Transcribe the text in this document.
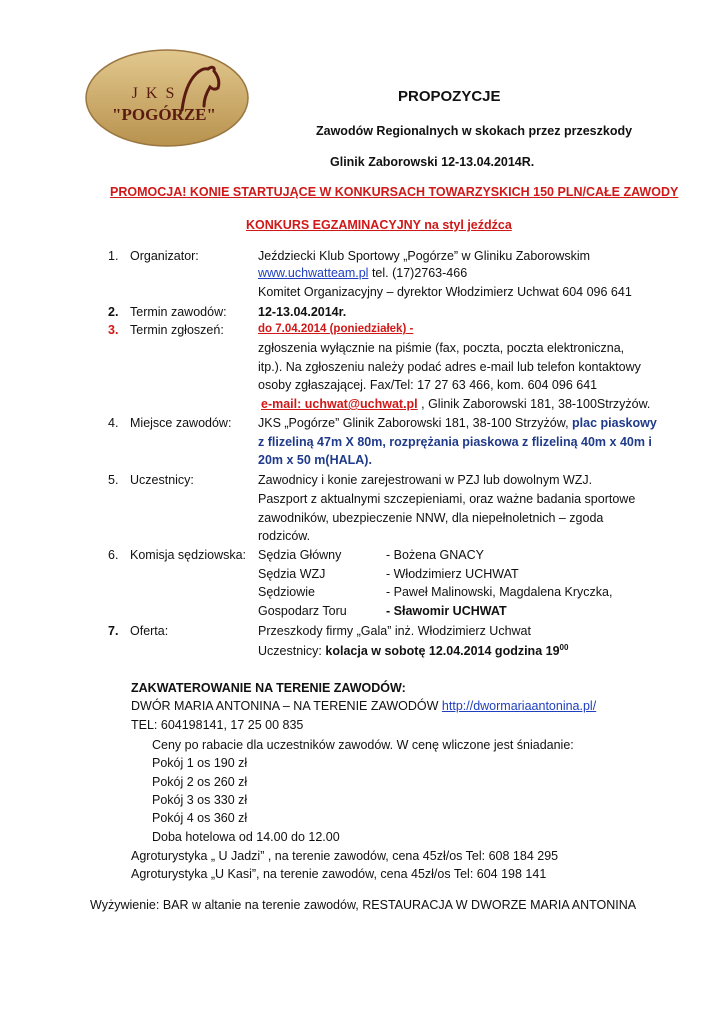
J K S
"POGÓRZE"
PROPOZYCJE
Zawodów Regionalnych w skokach przez przeszkody
Glinik Zaborowski 12-13.04.2014R.
PROMOCJA! KONIE STARTUJĄCE W KONKURSACH TOWARZYSKICH 150 PLN/CAŁE ZAWODY
KONKURS EGZAMINACYJNY na styl jeźdźca
1. Organizator:	Jeździecki Klub Sportowy „Pogórze” w Gliniku Zaborowskim
www.uchwatteam.pl tel. (17)2763-466
Komitet Organizacyjny – dyrektor Włodzimierz Uchwat 604 096 641
2. Termin zawodów:	12-13.04.2014r.
3. Termin zgłoszeń:	do 7.04.2014 (poniedziałek) -
zgłoszenia wyłącznie na piśmie (fax, poczta, poczta elektroniczna,
itp.). Na zgłoszeniu należy podać adres e-mail lub telefon kontaktowy
osoby zgłaszającej. Fax/Tel: 17 27 63 466, kom. 604 096 641
e-mail: uchwat@uchwat.pl , Glinik Zaborowski 181, 38-100Strzyżów.
4. Miejsce zawodów: JKS „Pogórze” Glinik Zaborowski 181, 38-100 Strzyżów, plac piaskowy
z flizeliną 47m X 80m, rozprężania piaskowa z flizeliną 40m x 40m i
20m x 50 m(HALA).
5. Uczestnicy:	Zawodnicy i konie zarejestrowani w PZJ lub dowolnym WZJ.
Paszport z aktualnymi szczepieniami, oraz ważne badania sportowe
zawodników, ubezpieczenie NNW, dla niepełnoletnich – zgoda
rodziców.
6. Komisja sędziowska: Sędzia Główny	- Bożena GNACY
Sędzia WZJ	- Włodzimierz UCHWAT
Sędziowie	- Paweł Malinowski, Magdalena Kryczka,
Gospodarz Toru	- Sławomir UCHWAT
7. Oferta:	Przeszkody firmy „Gala” inż. Włodzimierz Uchwat
Uczestnicy: kolacja w sobotę 12.04.2014 godzina $19^{00}$
ZAKWATEROWANIE NA TERENIE ZAWODÓW:
DWÓR MARIA ANTONINA – NA TERENIE ZAWODÓW http://dwormariaantonina.pl/
TEL: 604198141, 17 25 00 835
Ceny po rabacie dla uczestników zawodów. W cenę wliczone jest śniadanie:
Pokój 1 os 190 zł
Pokój 2 os 260 zł
Pokój 3 os 330 zł
Pokój 4 os 360 zł
Doba hotelowa od 14.00 do 12.00
Agroturystyka „ U Jadzi” , na terenie zawodów, cena 45zł/os Tel: 608 184 295
Agroturystyka „U Kasi”, na terenie zawodów, cena 45zł/os Tel: 604 198 141
Wyżywienie: BAR w altanie na terenie zawodów, RESTAURACJA W DWORZE MARIA ANTONINA
